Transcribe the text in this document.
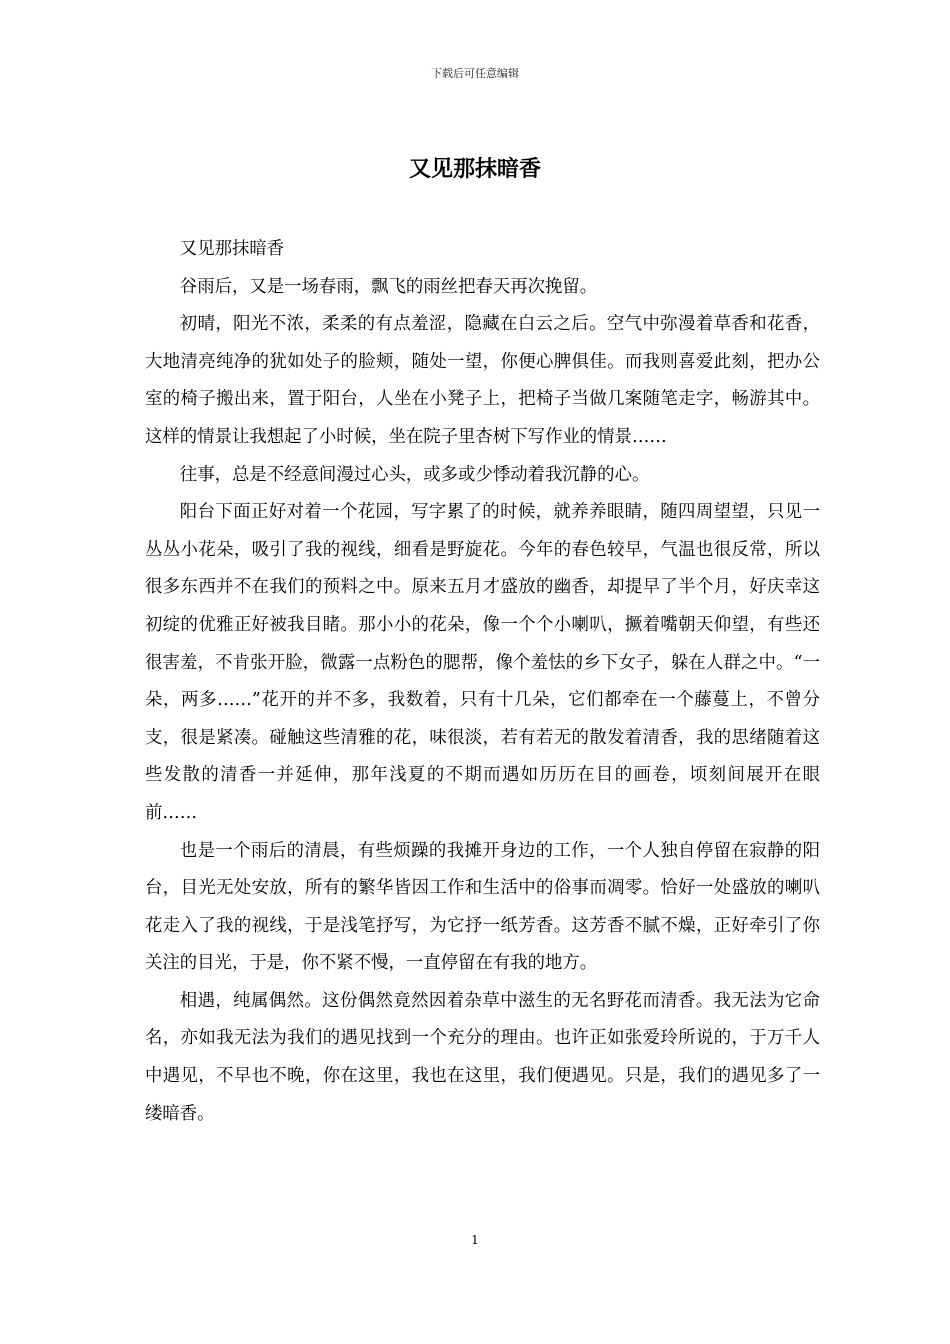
下载后可任意编辑
又见那抹暗香

又见那抹暗香

谷雨后，又是一场春雨，飘飞的雨丝把春天再次挽留。

初晴，阳光不浓，柔柔的有点羞涩，隐藏在白云之后。空气中弥漫着草香和花香，大地清亮纯净的犹如处子的脸颊，随处一望，你便心脾俱佳。而我则喜爱此刻，把办公室的椅子搬出来，置于阳台，人坐在小凳子上，把椅子当做几案随笔走字，畅游其中。这样的情景让我想起了小时候，坐在院子里杏树下写作业的情景……

往事，总是不经意间漫过心头，或多或少悸动着我沉静的心。

阳台下面正好对着一个花园，写字累了的时候，就养养眼睛，随四周望望，只见一丛丛小花朵，吸引了我的视线，细看是野旋花。今年的春色较早，气温也很反常，所以很多东西并不在我们的预料之中。原来五月才盛放的幽香，却提早了半个月，好庆幸这初绽的优雅正好被我目睹。那小小的花朵，像一个个小喇叭，撅着嘴朝天仰望，有些还很害羞，不肯张开脸，微露一点粉色的腮帮，像个羞怯的乡下女子，躲在人群之中。“一朵，两多……”花开的并不多，我数着，只有十几朵，它们都牵在一个藤蔓上，不曾分支，很是紧凑。碰触这些清雅的花，味很淡，若有若无的散发着清香，我的思绪随着这些发散的清香一并延伸，那年浅夏的不期而遇如历历在目的画卷，顷刻间展开在眼前……

也是一个雨后的清晨，有些烦躁的我摊开身边的工作，一个人独自停留在寂静的阳台，目光无处安放，所有的繁华皆因工作和生活中的俗事而凋零。恰好一处盛放的喇叭花走入了我的视线，于是浅笔抒写，为它抒一纸芳香。这芳香不腻不燥，正好牵引了你关注的目光，于是，你不紧不慢，一直停留在有我的地方。

相遇，纯属偶然。这份偶然竟然因着杂草中滋生的无名野花而清香。我无法为它命名，亦如我无法为我们的遇见找到一个充分的理由。也许正如张爱玲所说的，于万千人中遇见，不早也不晚，你在这里，我也在这里，我们便遇见。只是，我们的遇见多了一缕暗香。

1
